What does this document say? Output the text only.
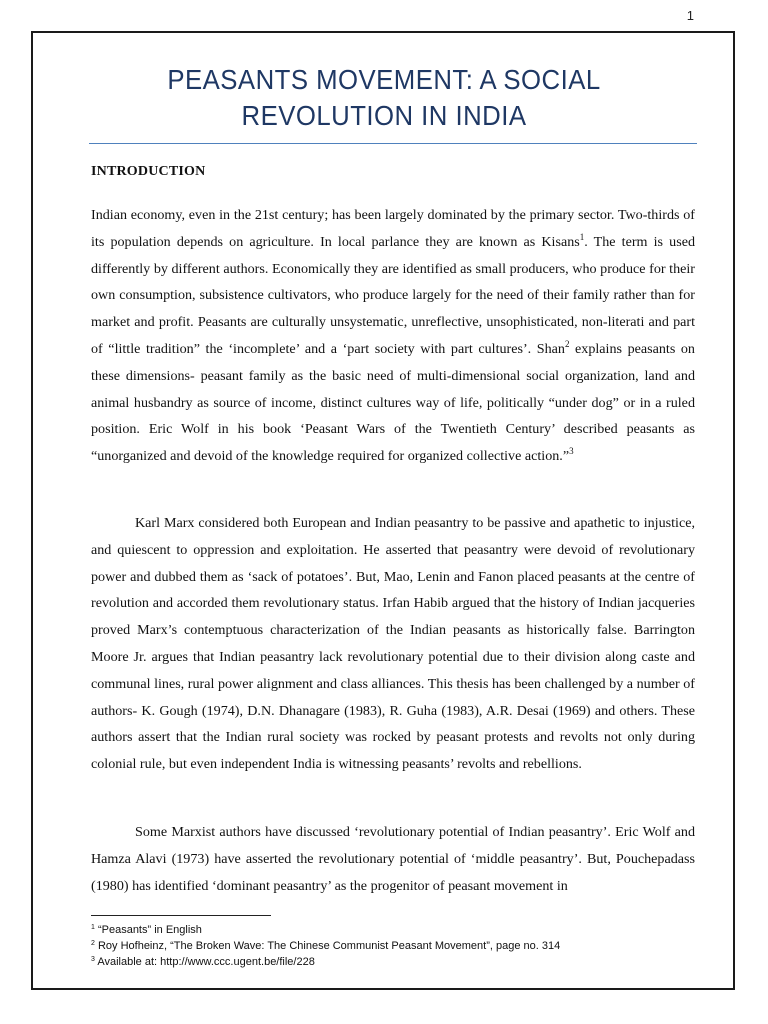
1
PEASANTS MOVEMENT: A SOCIAL
REVOLUTION IN INDIA
INTRODUCTION

Indian economy, even in the 21st century; has been largely dominated by the primary sector. Two-thirds of its population depends on agriculture. In local parlance they are known as Kisans$^1$. The term is used differently by different authors. Economically they are identified as small producers, who produce for their own consumption, subsistence cultivators, who produce largely for the need of their family rather than for market and profit. Peasants are culturally unsystematic, unreflective, unsophisticated, non-literati and part of “little tradition” the ‘incomplete’ and a ‘part society with part cultures’. Shan$^2$ explains peasants on these dimensions- peasant family as the basic need of multi-dimensional social organization, land and animal husbandry as source of income, distinct cultures way of life, politically “under dog” or in a ruled position. Eric Wolf in his book ‘Peasant Wars of the Twentieth Century’ described peasants as “unorganized and devoid of the knowledge required for organized collective action.”$^3$

Karl Marx considered both European and Indian peasantry to be passive and apathetic to injustice, and quiescent to oppression and exploitation. He asserted that peasantry were devoid of revolutionary power and dubbed them as ‘sack of potatoes’. But, Mao, Lenin and Fanon placed peasants at the centre of revolution and accorded them revolutionary status. Irfan Habib argued that the history of Indian jacqueries proved Marx’s contemptuous characterization of the Indian peasants as historically false. Barrington Moore Jr. argues that Indian peasantry lack revolutionary potential due to their division along caste and communal lines, rural power alignment and class alliances. This thesis has been challenged by a number of authors- K. Gough (1974), D.N. Dhanagare (1983), R. Guha (1983), A.R. Desai (1969) and others. These authors assert that the Indian rural society was rocked by peasant protests and revolts not only during colonial rule, but even independent India is witnessing peasants’ revolts and rebellions.

Some Marxist authors have discussed ‘revolutionary potential of Indian peasantry’. Eric Wolf and Hamza Alavi (1973) have asserted the revolutionary potential of ‘middle peasantry’. But, Pouchepadass (1980) has identified ‘dominant peasantry’ as the progenitor of peasant movement in

$^1$ “Peasants” in English
$^2$ Roy Hofheinz, “The Broken Wave: The Chinese Communist Peasant Movement”, page no. 314
$^3$ Available at: http://www.ccc.ugent.be/file/228
